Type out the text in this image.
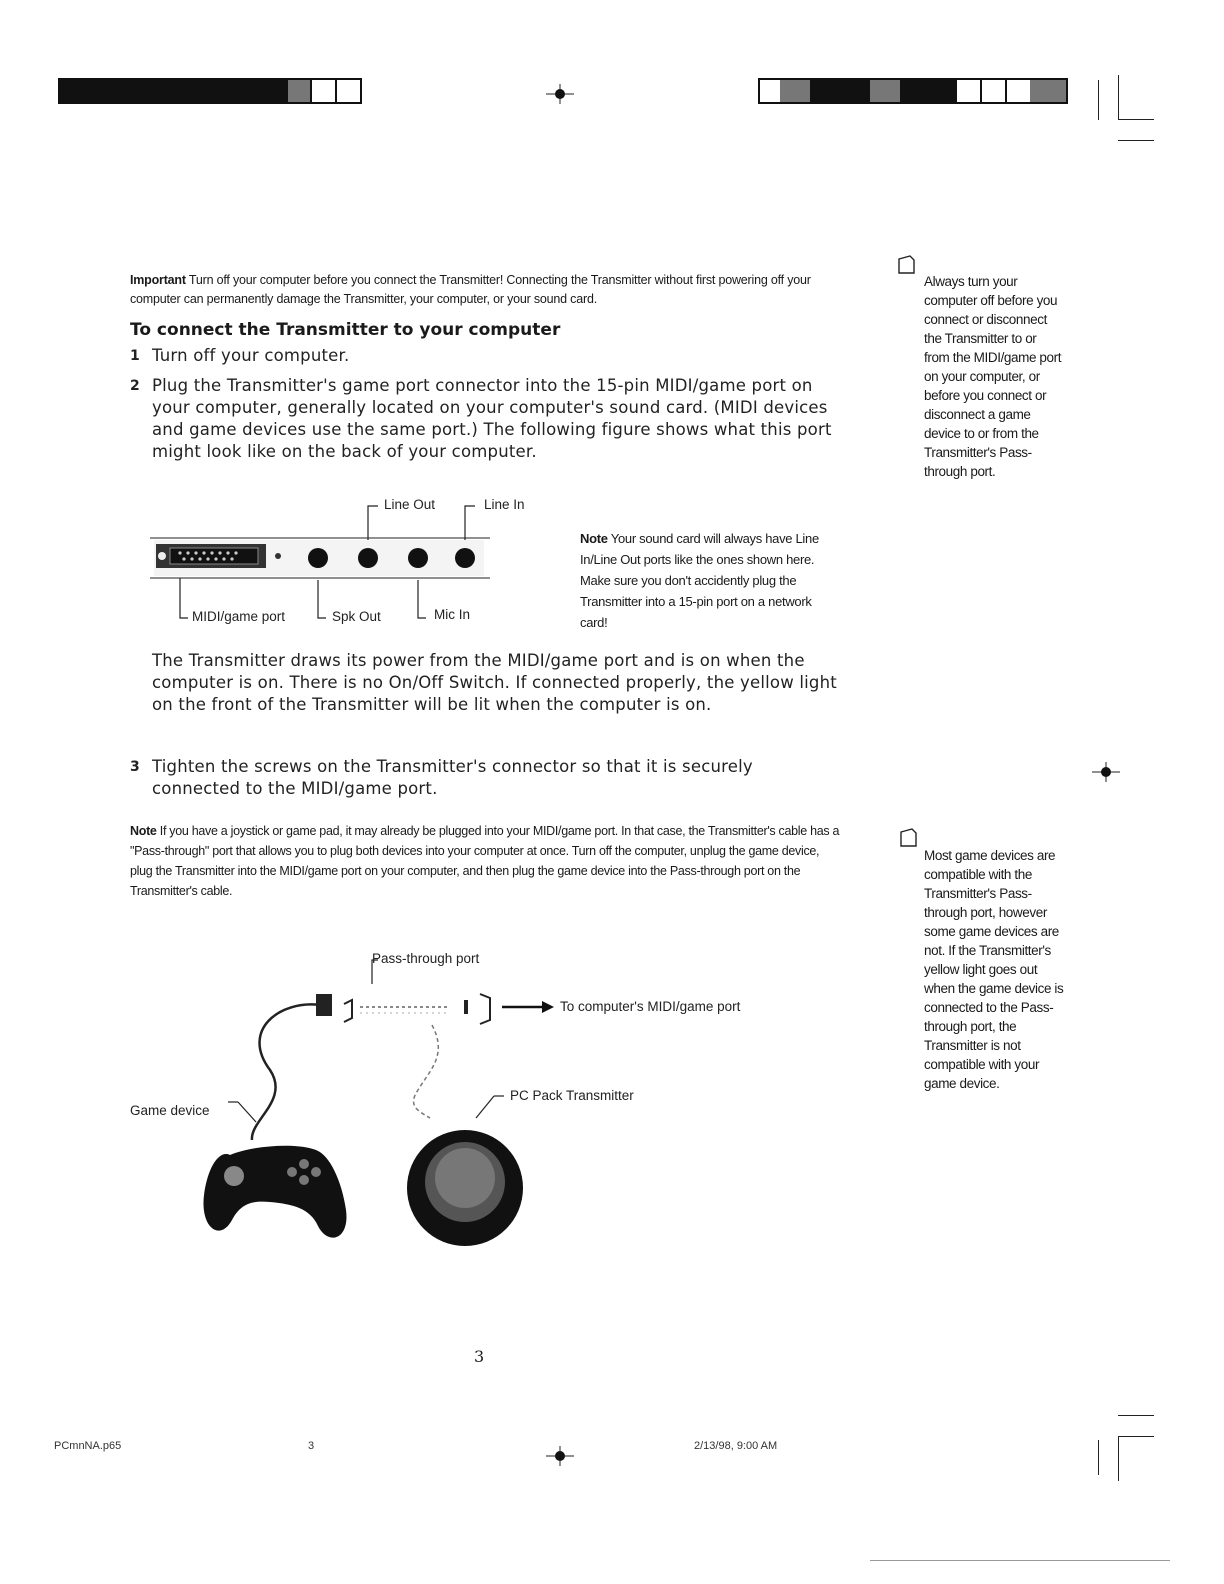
Important Turn off your computer before you connect the Transmitter! Connecting the Transmitter without first powering off your computer can permanently damage the Transmitter, your computer, or your sound card.
To connect the Transmitter to your computer
1 Turn off your computer.
2 Plug the Transmitter's game port connector into the 15-pin MIDI/game port on your computer, generally located on your computer's sound card. (MIDI devices and game devices use the same port.) The following figure shows what this port might look like on the back of your computer.
Line Out	Line In
MIDI/game port	Spk Out	Mic In
Note Your sound card will always have Line In/Line Out ports like the ones shown here. Make sure you don't accidently plug the Transmitter into a 15-pin port on a network card!
The Transmitter draws its power from the MIDI/game port and is on when the computer is on. There is no On/Off Switch. If connected properly, the yellow light on the front of the Transmitter will be lit when the computer is on.
3 Tighten the screws on the Transmitter's connector so that it is securely connected to the MIDI/game port.
Note If you have a joystick or game pad, it may already be plugged into your MIDI/game port. In that case, the Transmitter's cable has a "Pass-through" port that allows you to plug both devices into your computer at once. Turn off the computer, unplug the game device, plug the Transmitter into the MIDI/game port on your computer, and then plug the game device into the Pass-through port on the Transmitter's cable.
Pass-through port
To computer's MIDI/game port
PC Pack Transmitter
Game device
Always turn your computer off before you connect or disconnect the Transmitter to or from the MIDI/game port on your computer, or before you connect or disconnect a game device to or from the Transmitter's Pass-through port.
Most game devices are compatible with the Transmitter's Pass-through port, however some game devices are not. If the Transmitter's yellow light goes out when the game device is connected to the Pass-through port, the Transmitter is not compatible with your game device.
3
PCmnNA.p65	3	2/13/98, 9:00 AM
